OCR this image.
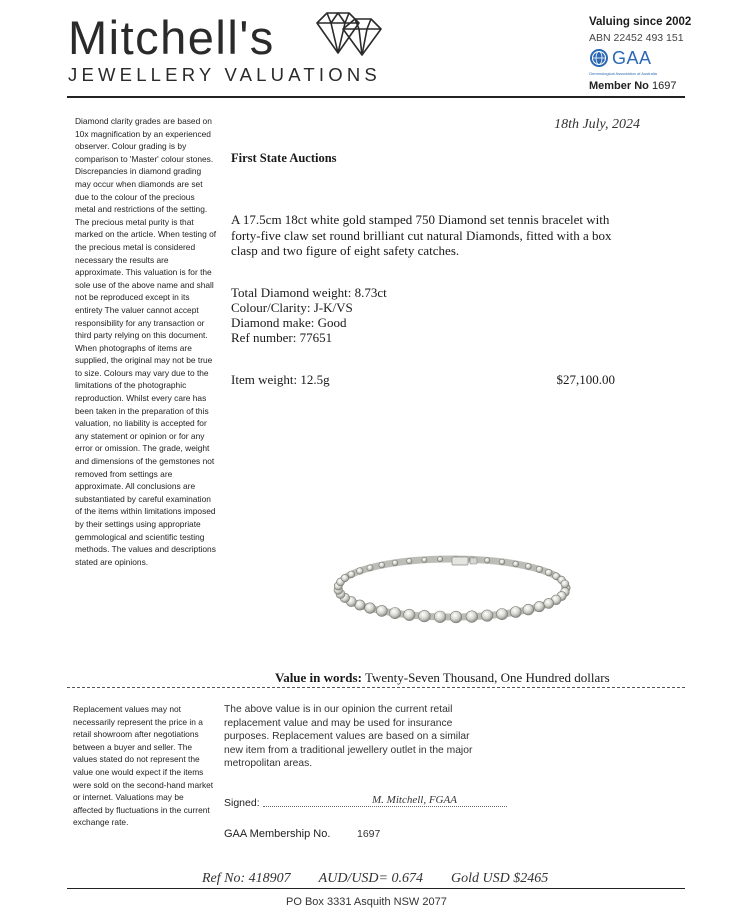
Mitchell's
JEWELLERY VALUATIONS
Valuing since 2002
ABN 22452 493 151
GAA
Gemmological Association of Australia
Member No 1697
Diamond clarity grades are based on 10x magnification by an experienced observer. Colour grading is by comparison to 'Master' colour stones. Discrepancies in diamond grading may occur when diamonds are set due to the colour of the precious metal and restrictions of the setting. The precious metal purity is that marked on the article. When testing of the precious metal is considered necessary the results are approximate. This valuation is for the sole use of the above name and shall not be reproduced except in its entirety The valuer cannot accept responsibility for any transaction or third party relying on this document. When photographs of items are supplied, the original may not be true to size. Colours may vary due to the limitations of the photographic reproduction. Whilst every care has been taken in the preparation of this valuation, no liability is accepted for any statement or opinion or for any error or omission. The grade, weight and dimensions of the gemstones not removed from settings are approximate. All conclusions are substantiated by careful examination of the items within limitations imposed by their settings using appropriate gemmological and scientific testing methods. The values and descriptions stated are opinions.
18th July, 2024
First State Auctions
A 17.5cm 18ct white gold stamped 750 Diamond set tennis bracelet with forty-five claw set round brilliant cut natural Diamonds, fitted with a box clasp and two figure of eight safety catches.
Total Diamond weight: 8.73ct
Colour/Clarity: J-K/VS
Diamond make: Good
Ref number: 77651
Item weight: 12.5g	$27,100.00
Value in words: Twenty-Seven Thousand, One Hundred dollars
Replacement values may not necessarily represent the price in a retail showroom after negotiations between a buyer and seller. The values stated do not represent the value one would expect if the items were sold on the second-hand market or internet. Valuations may be affected by fluctuations in the current exchange rate.
The above value is in our opinion the current retail replacement value and may be used for insurance purposes. Replacement values are based on a similar new item from a traditional jewellery outlet in the major metropolitan areas.
Signed:	M. Mitchell, FGAA
GAA Membership No.	1697
Ref No: 418907 AUD/USD= 0.674 Gold USD $2465
PO Box 3331 Asquith NSW 2077
